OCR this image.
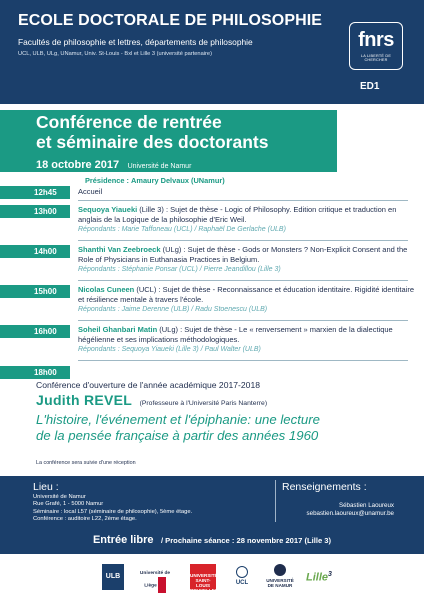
ECOLE DOCTORALE DE PHILOSOPHIE
Facultés de philosophie et lettres, départements de philosophie
UCL, ULB, ULg, UNamur, Univ. St-Louis - Bxl et Lille 3 (université partenaire)
fnrs
LA LIBERTÉ DE CHERCHER
ED1
Conférence de rentrée
et séminaire des doctorants
18 octobre 2017 Université de Namur
Présidence : Amaury Delvaux (UNamur)
12h45	Accueil
13h00	Sequoya Yiaueki (Lille 3) : Sujet de thèse - Logic of Philosophy. Edition critique et traduction en anglais de la Logique de la philosophie d'Eric Weil.
Répondants : Marie Taffoneau (UCL) / Raphaël De Gerlache (ULB)
14h00	Shanthi Van Zeebroeck (ULg) : Sujet de thèse - Gods or Monsters ? Non-Explicit Consent and the Role of Physicians in Euthanasia Practices in Belgium.
Répondants : Stéphanie Ponsar (UCL) / Pierre Jeandillou (Lille 3)
15h00	Nicolas Cuneen (UCL) : Sujet de thèse - Reconnaissance et éducation identitaire. Rigidité identitaire et résilience mentale à travers l'école.
Répondants : Jaime Derenne (ULB) / Radu Stoenescu (ULB)
16h00	Soheil Ghanbari Matin (ULg) : Sujet de thèse - Le « renversement » marxien de la dialectique hégélienne et ses implications méthodologiques.
Répondants : Sequoya Yiaueki (Lille 3) / Paul Walter (ULB)
18h00
Conférence d'ouverture de l'année académique 2017-2018
Judith REVEL (Professeure à l'Université Paris Nanterre)
L'histoire, l'événement et l'épiphanie: une lecture
de la pensée française à partir des années 1960
La conférence sera suivie d'une réception
Lieu :
Université de Namur
Rue Grafé, 1 - 5000 Namur
Séminaire : local L57 (séminaire de philosophie), 5ème étage.
Conférence : auditoire L22, 2ème étage.
Renseignements :
Sébastien Laoureux
sebastien.laoureux@unamur.be
Entrée libre / Prochaine séance : 28 novembre 2017 (Lille 3)
ULB	Université de Liège
UNIVERSITÉ SAINT-LOUIS BRUXELLES
UCL	UNIVERSITÉ DE NAMUR
Lille$^3$
